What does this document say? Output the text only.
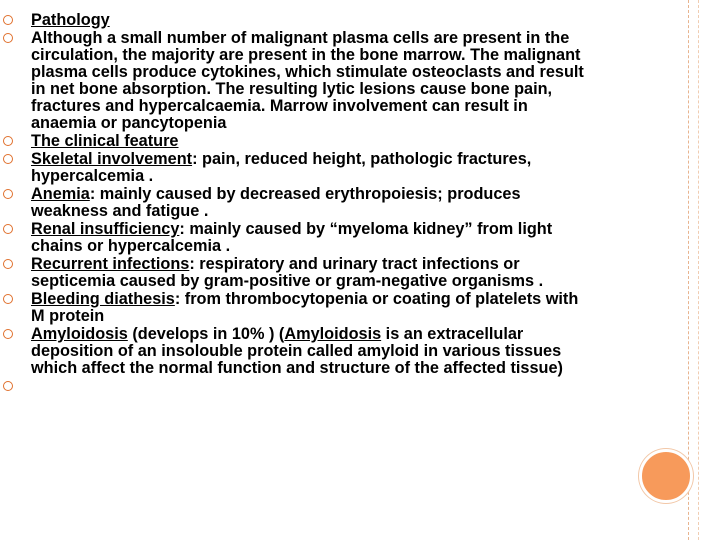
Pathology
Although a small number of malignant plasma cells are present in the
circulation, the majority are present in the bone marrow. The malignant
plasma cells produce cytokines, which stimulate osteoclasts and result
in net bone absorption. The resulting lytic lesions cause bone pain,
fractures and hypercalcaemia. Marrow involvement can result in
anaemia or pancytopenia
The clinical feature
Skeletal involvement: pain, reduced height, pathologic fractures,
hypercalcemia .
Anemia: mainly caused by decreased erythropoiesis; produces
weakness and fatigue .
Renal insufficiency: mainly caused by “myeloma kidney” from light
chains or hypercalcemia .
Recurrent infections: respiratory and urinary tract infections or
septicemia caused by gram-positive or gram-negative organisms .
Bleeding diathesis: from thrombocytopenia or coating of platelets with
M protein
Amyloidosis (develops in 10% ) (Amyloidosis is an extracellular
deposition of an insolouble protein called amyloid in various tissues
which affect the normal function and structure of the affected tissue)
